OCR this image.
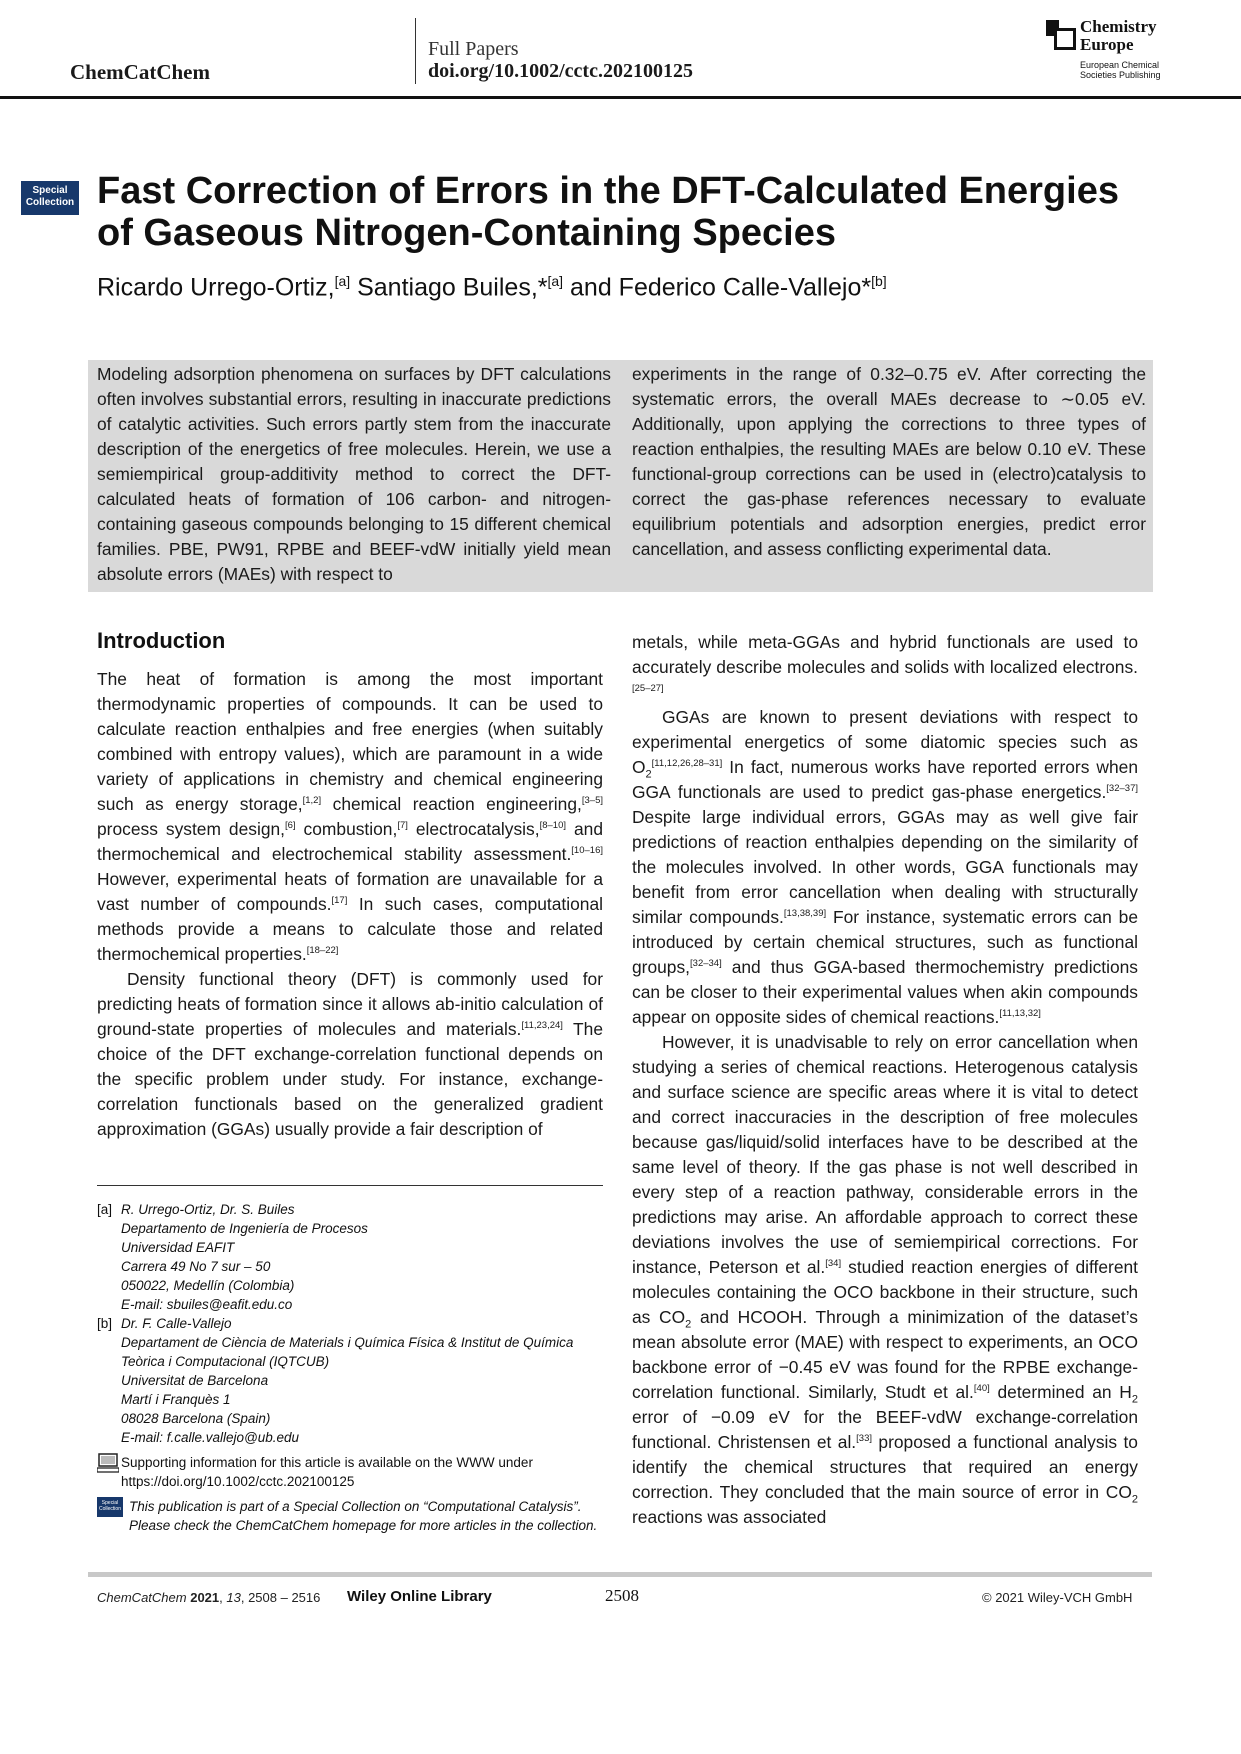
ChemCatChem
Full Papers
doi.org/10.1002/cctc.202100125
Chemistry Europe
European Chemical Societies Publishing
Special Collection Fast Correction of Errors in the DFT-Calculated Energies of Gaseous Nitrogen-Containing Species
Ricardo Urrego-Ortiz,[a] Santiago Builes,*[a] and Federico Calle-Vallejo*[b]
Modeling adsorption phenomena on surfaces by DFT calculations often involves substantial errors, resulting in inaccurate predictions of catalytic activities. Such errors partly stem from the inaccurate description of the energetics of free molecules. Herein, we use a semiempirical group-additivity method to correct the DFT-calculated heats of formation of 106 carbon- and nitrogen-containing gaseous compounds belonging to 15 different chemical families. PBE, PW91, RPBE and BEEF-vdW initially yield mean absolute errors (MAEs) with respect to
experiments in the range of 0.32–0.75 eV. After correcting the systematic errors, the overall MAEs decrease to ∼0.05 eV. Additionally, upon applying the corrections to three types of reaction enthalpies, the resulting MAEs are below 0.10 eV. These functional-group corrections can be used in (electro)catalysis to correct the gas-phase references necessary to evaluate equilibrium potentials and adsorption energies, predict error cancellation, and assess conflicting experimental data.
Introduction

The heat of formation is among the most important thermodynamic properties of compounds. It can be used to calculate reaction enthalpies and free energies (when suitably combined with entropy values), which are paramount in a wide variety of applications in chemistry and chemical engineering such as energy storage,[1,2] chemical reaction engineering,[3–5] process system design,[6] combustion,[7] electrocatalysis,[8–10] and thermochemical and electrochemical stability assessment.[10–16] However, experimental heats of formation are unavailable for a vast number of compounds.[17] In such cases, computational methods provide a means to calculate those and related thermochemical properties.[18–22]

Density functional theory (DFT) is commonly used for predicting heats of formation since it allows ab-initio calculation of ground-state properties of molecules and materials.[11,23,24] The choice of the DFT exchange-correlation functional depends on the specific problem under study. For instance, exchange-correlation functionals based on the generalized gradient approximation (GGAs) usually provide a fair description of

metals, while meta-GGAs and hybrid functionals are used to accurately describe molecules and solids with localized electrons.[25–27]

GGAs are known to present deviations with respect to experimental energetics of some diatomic species such as $O_2[11,12,26,28-31]$ In fact, numerous works have reported errors when GGA functionals are used to predict gas-phase energetics.[32–37] Despite large individual errors, GGAs may as well give fair predictions of reaction enthalpies depending on the similarity of the molecules involved. In other words, GGA functionals may benefit from error cancellation when dealing with structurally similar compounds.[13,38,39] For instance, systematic errors can be introduced by certain chemical structures, such as functional groups,[32–34] and thus GGA-based thermochemistry predictions can be closer to their experimental values when akin compounds appear on opposite sides of chemical reactions.[11,13,32]

However, it is unadvisable to rely on error cancellation when studying a series of chemical reactions. Heterogenous catalysis and surface science are specific areas where it is vital to detect and correct inaccuracies in the description of free molecules because gas/liquid/solid interfaces have to be described at the same level of theory. If the gas phase is not well described in every step of a reaction pathway, considerable errors in the predictions may arise. An affordable approach to correct these deviations involves the use of semiempirical corrections. For instance, Peterson et al.[34] studied reaction energies of different molecules containing the OCO backbone in their structure, such as $CO_2$ and HCOOH. Through a minimization of the dataset’s mean absolute error (MAE) with respect to experiments, an OCO backbone error of −0.45 eV was found for the RPBE exchange-correlation functional. Similarly, Studt et al.[40] determined an $H_2$ error of −0.09 eV for the BEEF-vdW exchange-correlation functional. Christensen et al.[33] proposed a functional analysis to identify the chemical structures that required an energy correction. They concluded that the main source of error in $CO_2$ reactions was associated

[a] R. Urrego-Ortiz, Dr. S. Builes
Departamento de Ingeniería de Procesos
Universidad EAFIT
Carrera 49 No 7 sur – 50
050022, Medellín (Colombia)
E-mail: sbuiles@eafit.edu.co
[b] Dr. F. Calle-Vallejo
Departament de Ciència de Materials i Química Física & Institut de Química Teòrica i Computacional (IQTCUB)
Universitat de Barcelona
Martí i Franquès 1
08028 Barcelona (Spain)
E-mail: f.calle.vallejo@ub.edu
Supporting information for this article is available on the WWW under https://doi.org/10.1002/cctc.202100125
Special Collection This publication is part of a Special Collection on “Computational Catalysis”. Please check the ChemCatChem homepage for more articles in the collection.
ChemCatChem 2021, 13, 2508 – 2516 Wiley Online Library	2508	© 2021 Wiley-VCH GmbH
